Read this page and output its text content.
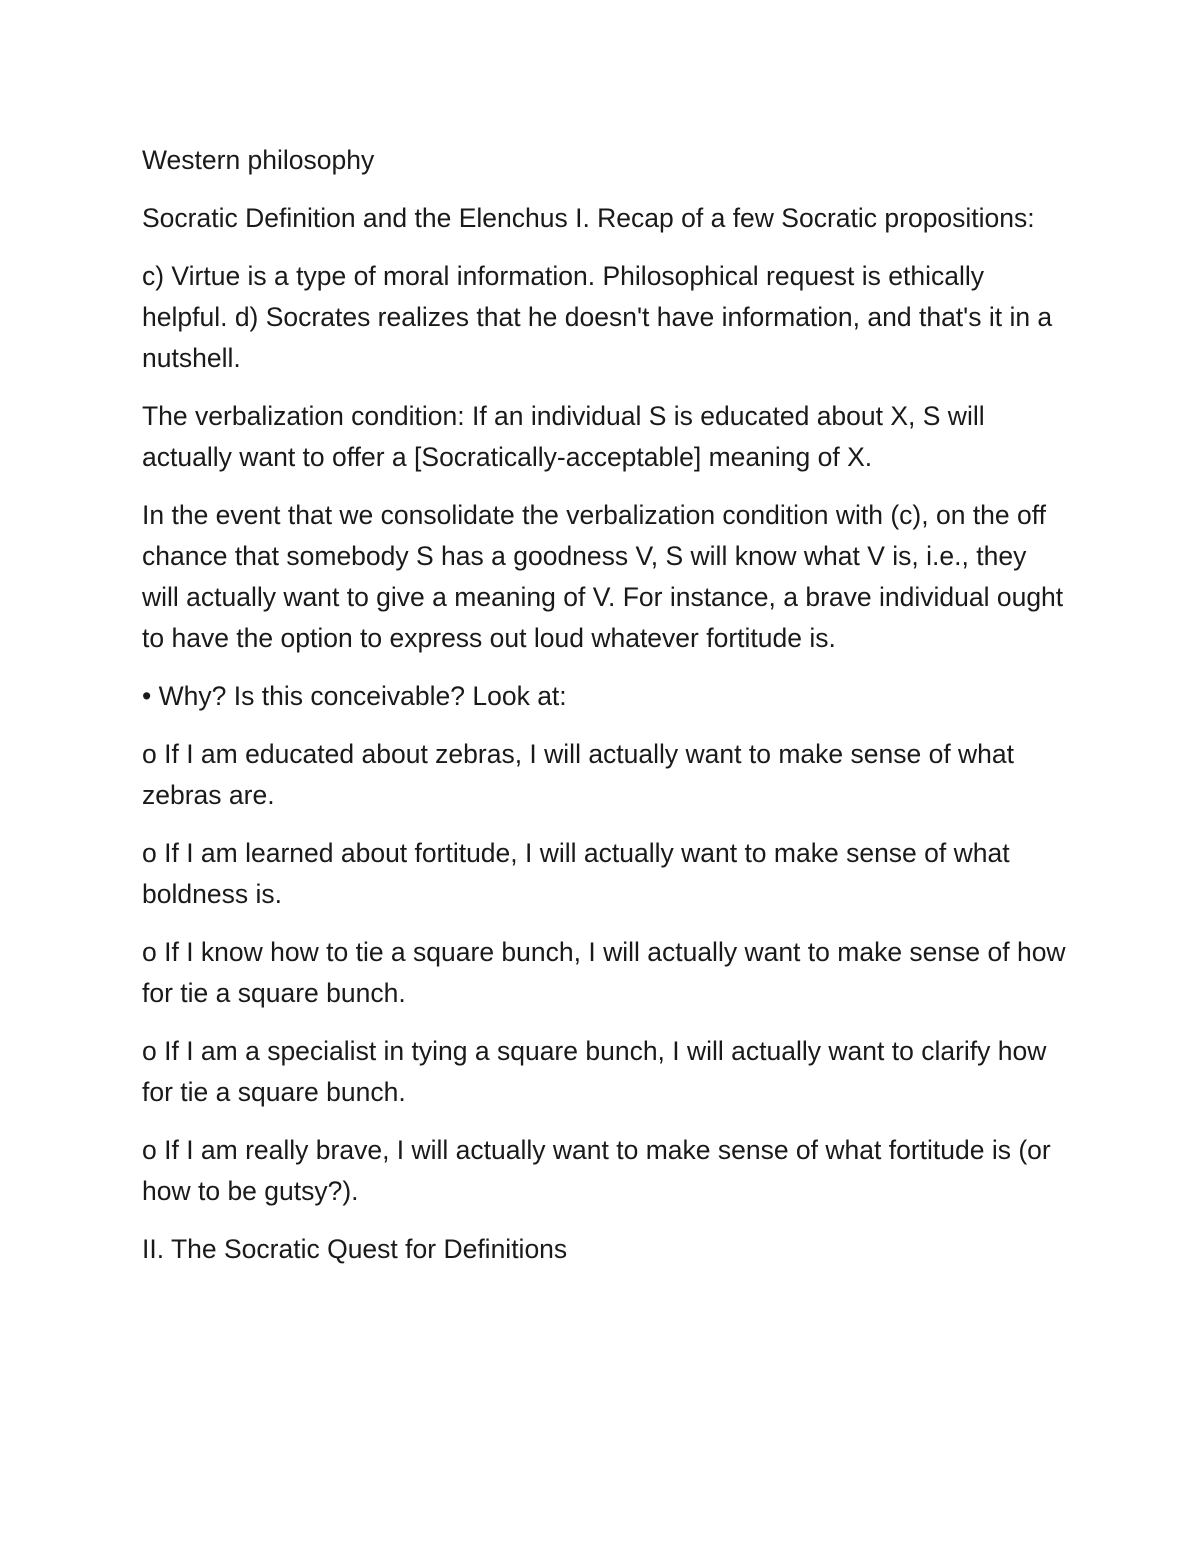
Western philosophy

Socratic Definition and the Elenchus I. Recap of a few Socratic propositions:

c) Virtue is a type of moral information. Philosophical request is ethically helpful. d) Socrates realizes that he doesn't have information, and that's it in a nutshell.

The verbalization condition: If an individual S is educated about X, S will actually want to offer a [Socratically-acceptable] meaning of X.

In the event that we consolidate the verbalization condition with (c), on the off chance that somebody S has a goodness V, S will know what V is, i.e., they will actually want to give a meaning of V. For instance, a brave individual ought to have the option to express out loud whatever fortitude is.

• Why? Is this conceivable? Look at:

o If I am educated about zebras, I will actually want to make sense of what zebras are.

o If I am learned about fortitude, I will actually want to make sense of what boldness is.

o If I know how to tie a square bunch, I will actually want to make sense of how for tie a square bunch.

o If I am a specialist in tying a square bunch, I will actually want to clarify how for tie a square bunch.

o If I am really brave, I will actually want to make sense of what fortitude is (or how to be gutsy?).

II. The Socratic Quest for Definitions
